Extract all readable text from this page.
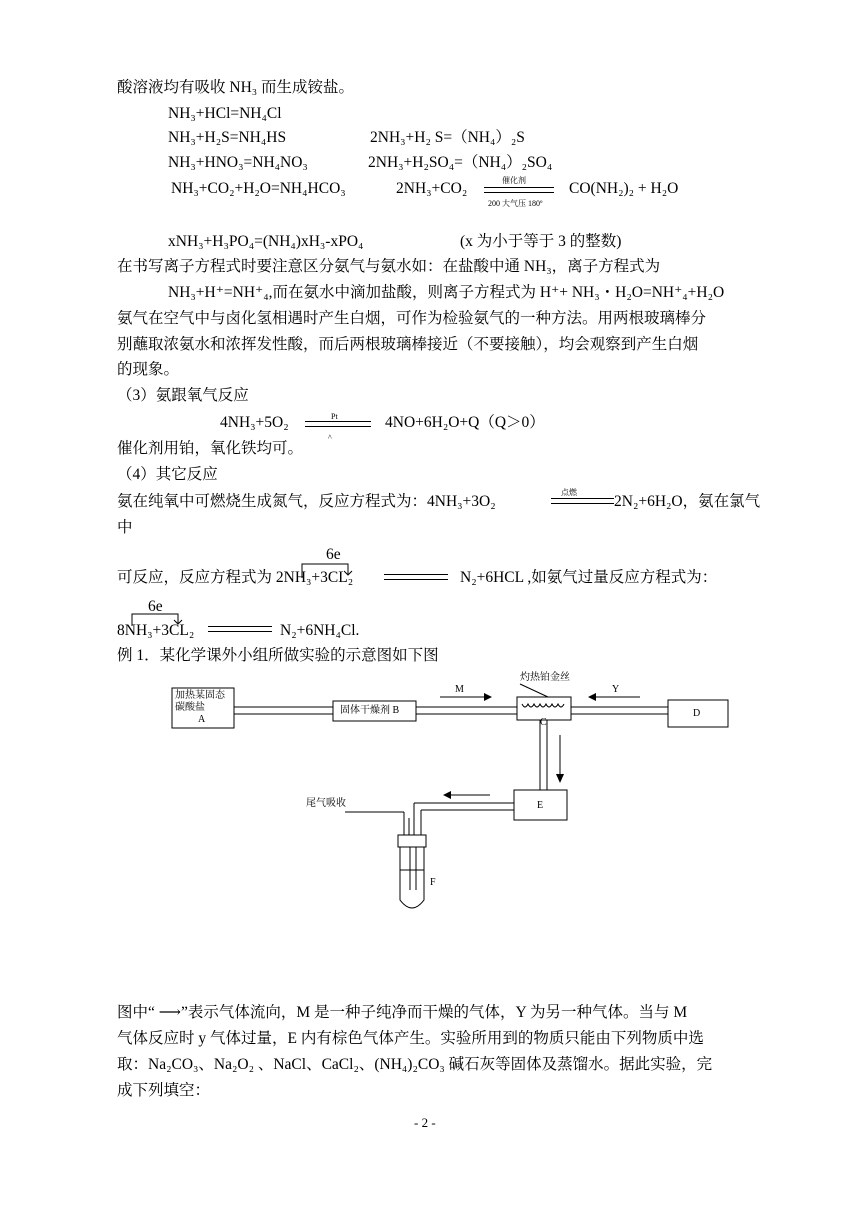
酸溶液均有吸收 NH₃ 而生成铵盐。
NH₃+HCl=NH₄Cl
NH₃+H₂S=NH₄HS	2NH₃+H₂ S=（NH₄）₂S
NH₃+HNO₃=NH₄NO₃	2NH₃+H₂SO₄=（NH₄）₂SO₄
NH₃+CO₂+H₂O=NH₄HCO₃	2NH₃+CO₂	催化剂
200 大气压 180º
CO(NH₂)₂ + H₂O
xNH₃+H₃PO₄=(NH₄)xH₃-xPO₄	(x 为小于等于 3 的整数)
在书写离子方程式时要注意区分氨气与氨水如：在盐酸中通 NH₃，离子方程式为
NH₃+H⁺=NH⁺₄,而在氨水中滴加盐酸，则离子方程式为 H⁺+ NH₃・H₂O=NH⁺₄+H₂O
氨气在空气中与卤化氢相遇时产生白烟，可作为检验氨气的一种方法。用两根玻璃棒分
别蘸取浓氨水和浓挥发性酸，而后两根玻璃棒接近（不要接触），均会观察到产生白烟
的现象。
（3）氨跟氧气反应
4NH₃+5O₂	Pt
^
4NO+6H₂O+Q（Q＞0）
催化剂用铂，氧化铁均可。
（4）其它反应
氨在纯氧中可燃烧生成氮气，反应方程式为：4NH₃+3O₂
点燃
2N₂+6H₂O，氨在氯气
中
6e
可反应，反应方程式为 2NH₃+3CL₂	N₂+6HCL ,如氨气过量反应方程式为：
6e
8NH₃+3CL₂	N₂+6NH₄Cl.
例 1．某化学课外小组所做实验的示意图如下图
加热某固态
碳酸盐
A
固体干燥剂 B
M
灼热铂金丝
Y
C
D
E
尾气吸收
F
图中“ ⟶”表示气体流向，M 是一种子纯净而干燥的气体，Y 为另一种气体。当与 M
气体反应时 y 气体过量，E 内有棕色气体产生。实验所用到的物质只能由下列物质中选
取：Na₂CO₃、Na₂O₂ 、NaCl、CaCl₂、(NH₄)₂CO₃ 碱石灰等固体及蒸馏水。据此实验，完
成下列填空：
- 2 -
